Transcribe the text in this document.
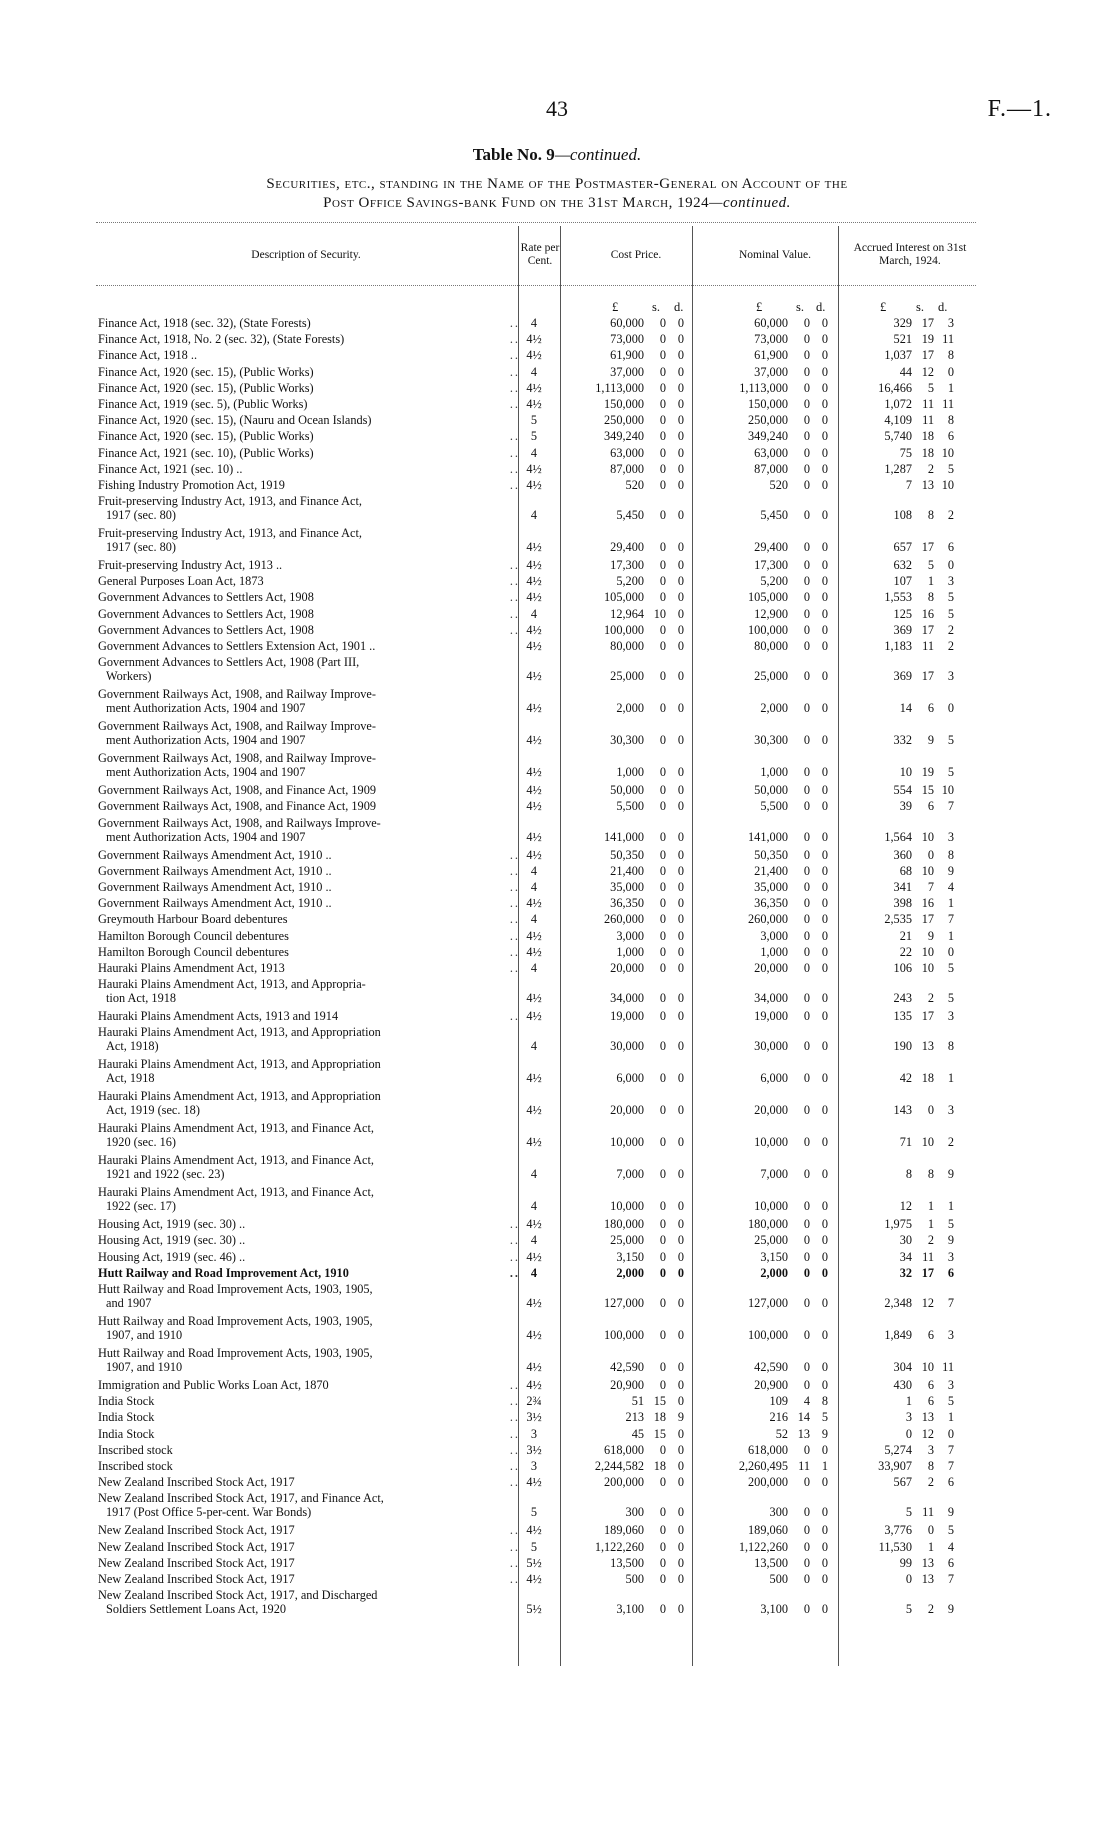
43	F.—1.
Table No. 9—continued.
Securities, etc., standing in the Name of the Postmaster-General on Account of the
Post Office Savings-bank Fund on the 31st March, 1924—continued.
Description of Security.
Rate per Cent.
Cost Price.	Nominal Value.
Accrued Interest on 31st March, 1924.
£	s. d.	£	s. d.	£ s. d.
Finance Act, 1918 (sec. 32), (State Forests)	4	60,000	0 0	60,000	0 0	329 17	3
..
Finance Act, 1918, No. 2 (sec. 32), (State Forests)	4½	73,000	0 0	73,000	0 0	521 19 11
..
Finance Act, 1918 ..	4½	61,900	0 0	61,900	0 0	1,037 17	8
..
Finance Act, 1920 (sec. 15), (Public Works)	4	37,000	0 0	37,000	0 0	44 12	0
..
Finance Act, 1920 (sec. 15), (Public Works)	4½	1,113,000	0 0	1,113,000	0 0	16,466	5	1
..
Finance Act, 1919 (sec. 5), (Public Works)	4½	150,000	0 0	150,000	0 0	1,072 11 11
..
Finance Act, 1920 (sec. 15), (Nauru and Ocean Islands)	5	250,000	0 0	250,000	0 0	4,109 11	8
Finance Act, 1920 (sec. 15), (Public Works)	5	349,240	0 0	349,240	0 0	5,740 18	6
..
Finance Act, 1921 (sec. 10), (Public Works)	4	63,000	0 0	63,000	0 0	75 18 10
..
Finance Act, 1921 (sec. 10) ..	4½	87,000	0 0	87,000	0 0	1,287	2	5
..
Fishing Industry Promotion Act, 1919	4½	520	0 0	520	0 0	7 13 10
..
Fruit-preserving Industry Act, 1913, and Finance Act,
1917 (sec. 80)	4	5,450	0 0	5,450	0 0	108	8	2
Fruit-preserving Industry Act, 1913, and Finance Act,
1917 (sec. 80)	4½	29,400	0 0	29,400	0 0	657 17	6
Fruit-preserving Industry Act, 1913 ..	4½	17,300	0 0	17,300	0 0	632	5	0
..
General Purposes Loan Act, 1873	4½	5,200	0 0	5,200	0 0	107	1	3
..
Government Advances to Settlers Act, 1908	4½	105,000	0 0	105,000	0 0	1,553	8	5
..
Government Advances to Settlers Act, 1908	4	12,964 10 0	12,900	0 0	125 16	5
..
Government Advances to Settlers Act, 1908	4½	100,000	0 0	100,000	0 0	369 17	2
..
Government Advances to Settlers Extension Act, 1901 ..	4½	80,000	0 0	80,000	0 0	1,183 11	2
Government Advances to Settlers Act, 1908 (Part III,
Workers)	4½	25,000	0 0	25,000	0 0	369 17	3
Government Railways Act, 1908, and Railway Improve-
ment Authorization Acts, 1904 and 1907	4½	2,000	0 0	2,000	0 0	14	6	0
Government Railways Act, 1908, and Railway Improve-
ment Authorization Acts, 1904 and 1907	4½	30,300	0 0	30,300	0 0	332	9	5
Government Railways Act, 1908, and Railway Improve-
ment Authorization Acts, 1904 and 1907	4½	1,000	0 0	1,000	0 0	10 19	5
Government Railways Act, 1908, and Finance Act, 1909	4½	50,000	0 0	50,000	0 0	554 15 10
Government Railways Act, 1908, and Finance Act, 1909	4½	5,500	0 0	5,500	0 0	39	6	7
Government Railways Act, 1908, and Railways Improve-
ment Authorization Acts, 1904 and 1907	4½	141,000	0 0	141,000	0 0	1,564 10	3
Government Railways Amendment Act, 1910 ..	4½	50,350	0 0	50,350	0 0	360	0	8
..
Government Railways Amendment Act, 1910 ..	4	21,400	0 0	21,400	0 0	68 10	9
..
Government Railways Amendment Act, 1910 ..	4	35,000	0 0	35,000	0 0	341	7	4
..
Government Railways Amendment Act, 1910 ..	4½	36,350	0 0	36,350	0 0	398 16	1
..
Greymouth Harbour Board debentures	4	260,000	0 0	260,000	0 0	2,535 17	7
..
Hamilton Borough Council debentures	4½	3,000	0 0	3,000	0 0	21	9	1
..
Hamilton Borough Council debentures	4½	1,000	0 0	1,000	0 0	22 10	0
..
Hauraki Plains Amendment Act, 1913	4	20,000	0 0	20,000	0 0	106 10	5
..
Hauraki Plains Amendment Act, 1913, and Appropria-
tion Act, 1918	4½	34,000	0 0	34,000	0 0	243	2	5
Hauraki Plains Amendment Acts, 1913 and 1914	4½	19,000	0 0	19,000	0 0	135 17	3
..
Hauraki Plains Amendment Act, 1913, and Appropriation
Act, 1918)	4	30,000	0 0	30,000	0 0	190 13	8
Hauraki Plains Amendment Act, 1913, and Appropriation
Act, 1918	4½	6,000	0 0	6,000	0 0	42 18	1
Hauraki Plains Amendment Act, 1913, and Appropriation
Act, 1919 (sec. 18)	4½	20,000	0 0	20,000	0 0	143	0	3
Hauraki Plains Amendment Act, 1913, and Finance Act,
1920 (sec. 16)	4½	10,000	0 0	10,000	0 0	71 10	2
Hauraki Plains Amendment Act, 1913, and Finance Act,
1921 and 1922 (sec. 23)	4	7,000	0 0	7,000	0 0	8	8	9
Hauraki Plains Amendment Act, 1913, and Finance Act,
1922 (sec. 17)	4	10,000	0 0	10,000	0 0	12	1	1
Housing Act, 1919 (sec. 30) ..	4½	180,000	0 0	180,000	0 0	1,975	1	5
..
Housing Act, 1919 (sec. 30) ..	4	25,000	0 0	25,000	0 0	30	2	9
..
Housing Act, 1919 (sec. 46) ..	4½	3,150	0 0	3,150	0 0	34 11	3
..
Hutt Railway and Road Improvement Act, 1910	4	2,000	0 0	2,000	0 0	32 17	6
..
Hutt Railway and Road Improvement Acts, 1903, 1905,
and 1907	4½	127,000	0 0	127,000	0 0	2,348 12	7
Hutt Railway and Road Improvement Acts, 1903, 1905,
1907, and 1910	4½	100,000	0 0	100,000	0 0	1,849	6	3
Hutt Railway and Road Improvement Acts, 1903, 1905,
1907, and 1910	4½	42,590	0 0	42,590	0 0	304 10 11
Immigration and Public Works Loan Act, 1870	4½	20,900	0 0	20,900	0 0	430	6	3
..
India Stock	2¾	51 15 0	109	4 8	1	6	5
..
India Stock	3½	213 18 9	216 14 5	3 13	1
..
India Stock	3	45 15 0	52 13 9	0 12	0
..
Inscribed stock	3½	618,000	0 0	618,000	0 0	5,274	3	7
..
Inscribed stock	3	2,244,582 18 0	2,260,495 11 1	33,907	8	7
..
New Zealand Inscribed Stock Act, 1917	4½	200,000	0 0	200,000	0 0	567	2	6
..
New Zealand Inscribed Stock Act, 1917, and Finance Act,
1917 (Post Office 5-per-cent. War Bonds)	5	300	0 0	300	0 0	5 11	9
New Zealand Inscribed Stock Act, 1917	4½	189,060	0 0	189,060	0 0	3,776	0	5
..
New Zealand Inscribed Stock Act, 1917	5	1,122,260	0 0	1,122,260	0 0	11,530	1	4
..
New Zealand Inscribed Stock Act, 1917	5½	13,500	0 0	13,500	0 0	99 13	6
..
New Zealand Inscribed Stock Act, 1917	4½	500	0 0	500	0 0	0 13	7
..
New Zealand Inscribed Stock Act, 1917, and Discharged
Soldiers Settlement Loans Act, 1920	5½	3,100	0 0	3,100	0 0	5	2	9
